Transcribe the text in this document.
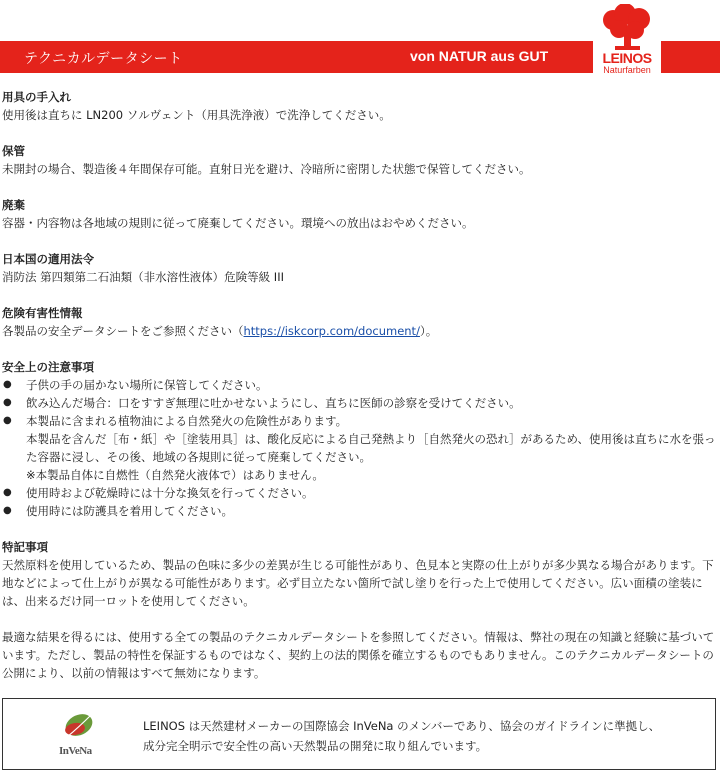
テクニカルデータシート	von NATUR aus GUT	LEINOS
Naturfarben
用具の手入れ
使用後は直ちに LN200 ソルヴェント（用具洗浄液）で洗浄してください。
保管
未開封の場合、製造後４年間保存可能。直射日光を避け、冷暗所に密閉した状態で保管してください。
廃棄
容器・内容物は各地域の規則に従って廃棄してください。環境への放出はおやめください。
日本国の適用法令
消防法 第四類第二石油類（非水溶性液体）危険等級 III
危険有害性情報
各製品の安全データシートをご参照ください（https://iskcorp.com/document/）。
安全上の注意事項
● 子供の手の届かない場所に保管してください。
● 飲み込んだ場合：口をすすぎ無理に吐かせないようにし、直ちに医師の診察を受けてください。
● 本製品に含まれる植物油による自然発火の危険性があります。
本製品を含んだ［布・紙］や［塗装用具］は、酸化反応による自己発熱より［自然発火の恐れ］があるため、使用後は直ちに水を張った容器に浸し、その後、地域の各規則に従って廃棄してください。
※本製品自体に自燃性（自然発火液体で）はありません。
● 使用時および乾燥時には十分な換気を行ってください。
● 使用時には防護具を着用してください。
特記事項
天然原料を使用しているため、製品の色味に多少の差異が生じる可能性があり、色見本と実際の仕上がりが多少異なる場合があります。下地などによって仕上がりが異なる可能性があります。必ず目立たない箇所で試し塗りを行った上で使用してください。広い面積の塗装には、出来るだけ同一ロットを使用してください。
最適な結果を得るには、使用する全ての製品のテクニカルデータシートを参照してください。情報は、弊社の現在の知識と経験に基づいています。ただし、製品の特性を保証するものではなく、契約上の法的関係を確立するものでもありません。このテクニカルデータシートの公開により、以前の情報はすべて無効になります。
InVeNa
LEINOS は天然建材メーカーの国際協会 InVeNa のメンバーであり、協会のガイドラインに準拠し、
成分完全明示で安全性の高い天然製品の開発に取り組んでいます。
